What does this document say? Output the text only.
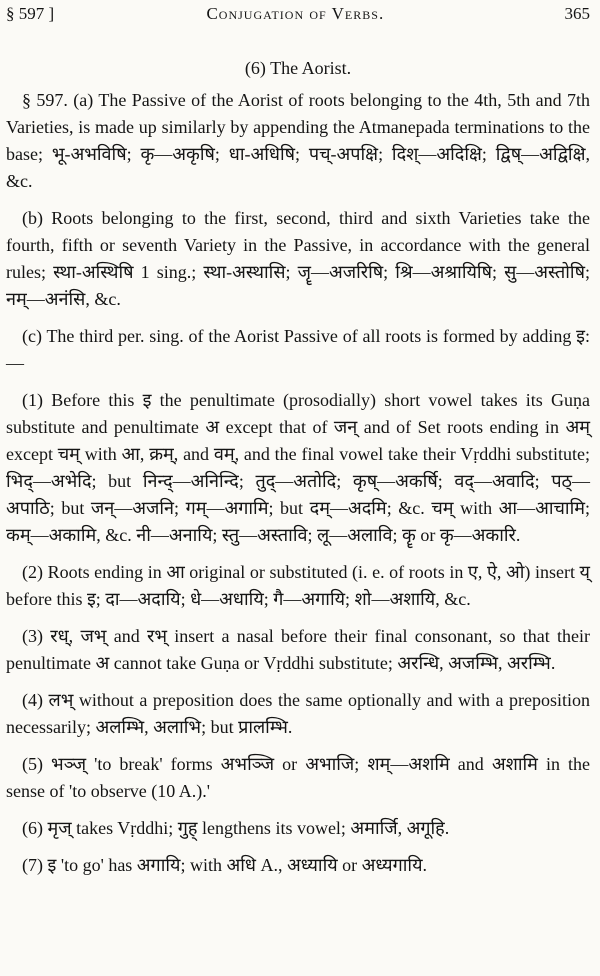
§ 597 ]	Conjugation of Verbs.	365
(6) The Aorist.

§ 597. (a) The Passive of the Aorist of roots belonging to the 4th, 5th and 7th Varieties, is made up similarly by appending the Atmanepada terminations to the base; भू-अभविषि; कृ—अकृषि; धा-अधिषि; पच्-अपक्षि; दिश्—अदिक्षि; द्विष्—अद्विक्षि, &c.

(b) Roots belonging to the first, second, third and sixth Varieties take the fourth, fifth or seventh Variety in the Passive, in accordance with the general rules; स्था-अस्थिषि 1 sing.; स्था-अस्थासि; जॄ—अजरिषि; श्रि—अश्रायिषि; सु—अस्तोषि; नम्—अनंसि, &c.

(c) The third per. sing. of the Aorist Passive of all roots is formed by adding इ:—

(1) Before this इ the penultimate (prosodially) short vowel takes its Guṇa substitute and penultimate अ except that of जन् and of Set roots ending in अम् except चम् with आ, क्रम्, and वम्, and the final vowel take their Vṛddhi substitute; भिद्—अभेदि; but निन्द्—अनिन्दि; तुद्—अतोदि; कृष्—अकर्षि; वद्—अवादि; पठ्—अपाठि; but जन्—अजनि; गम्—अगामि; but दम्—अदमि; &c. चम् with आ—आचामि; कम्—अकामि, &c. नी—अनायि; स्तु—अस्तावि; लू—अलावि; कॄ or कृ—अकारि.

(2) Roots ending in आ original or substituted (i. e. of roots in ए, ऐ, ओ) insert य् before this इ; दा—अदायि; धे—अधायि; गै—अगायि; शो—अशायि, &c.

(3) रध्, जभ् and रभ् insert a nasal before their final consonant, so that their penultimate अ cannot take Guṇa or Vṛddhi substitute; अरन्धि, अजम्भि, अरम्भि.

(4) लभ् without a preposition does the same optionally and with a preposition necessarily; अलम्भि, अलाभि; but प्रालम्भि.

(5) भञ्ज् 'to break' forms अभञ्जि or अभाजि; शम्—अशमि and अशामि in the sense of 'to observe (10 A.).'

(6) मृज् takes Vṛddhi; गुह् lengthens its vowel; अमार्जि, अगूहि.

(7) इ 'to go' has अगायि; with अधि A., अध्यायि or अध्यगायि.
